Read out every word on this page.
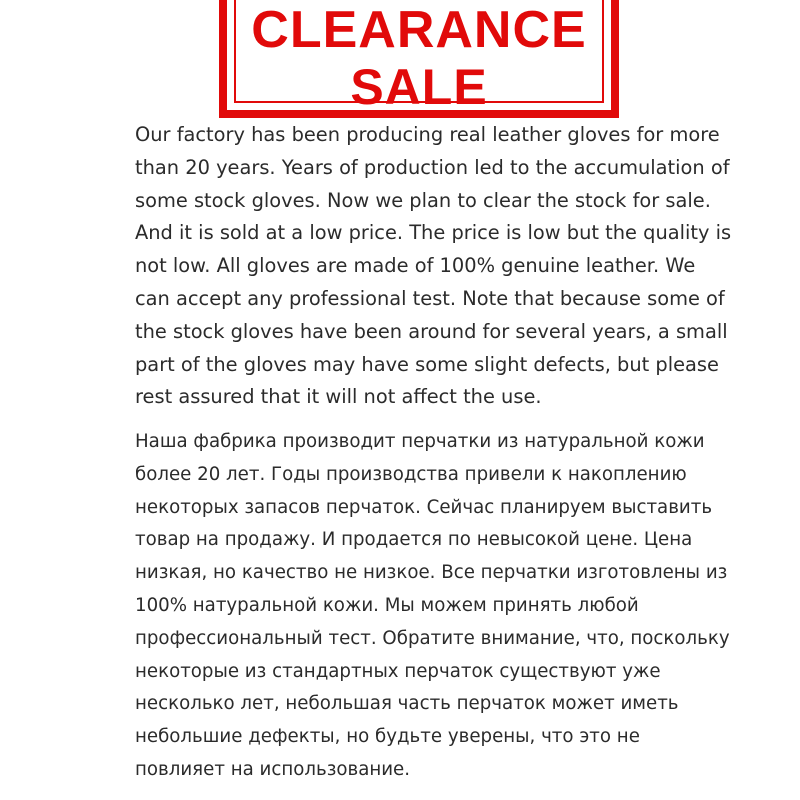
CLEARANCE
SALE

Our factory has been producing real leather gloves for more than 20 years. Years of production led to the accumulation of some stock gloves. Now we plan to clear the stock for sale. And it is sold at a low price. The price is low but the quality is not low. All gloves are made of 100% genuine leather. We can accept any professional test. Note that because some of the stock gloves have been around for several years, a small part of the gloves may have some slight defects, but please rest assured that it will not affect the use.

Наша фабрика производит перчатки из натуральной кожи более 20 лет. Годы производства привели к накоплению некоторых запасов перчаток. Сейчас планируем выставить товар на продажу. И продается по невысокой цене. Цена низкая, но качество не низкое. Все перчатки изготовлены из 100% натуральной кожи. Мы можем принять любой профессиональный тест. Обратите внимание, что, поскольку некоторые из стандартных перчаток существуют уже несколько лет, небольшая часть перчаток может иметь небольшие дефекты, но будьте уверены, что это не повлияет на использование.
